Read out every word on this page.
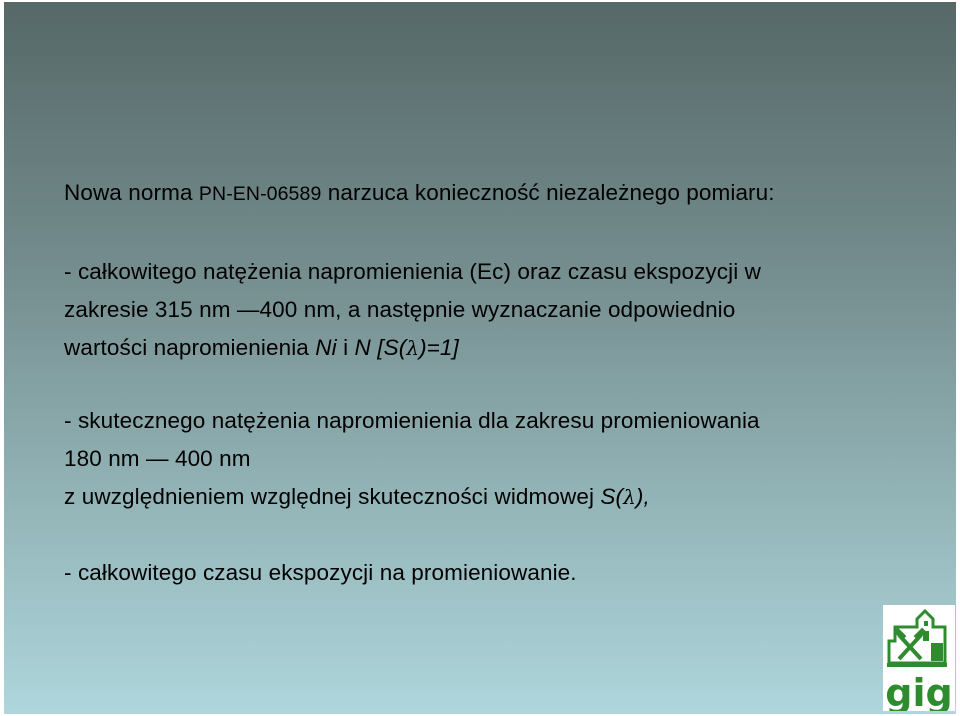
Nowa norma PN-EN-06589 narzuca konieczność niezależnego pomiaru:
- całkowitego natężenia napromienienia (Ec) oraz czasu ekspozycji w
zakresie 315 nm —400 nm, a następnie wyznaczanie odpowiednio
wartości napromienienia Ni i N [S(λ)=1]
- skutecznego natężenia napromienienia dla zakresu promieniowania
180 nm — 400 nm
z uwzględnieniem względnej skuteczności widmowej S(λ),
- całkowitego czasu ekspozycji na promieniowanie.
gig
